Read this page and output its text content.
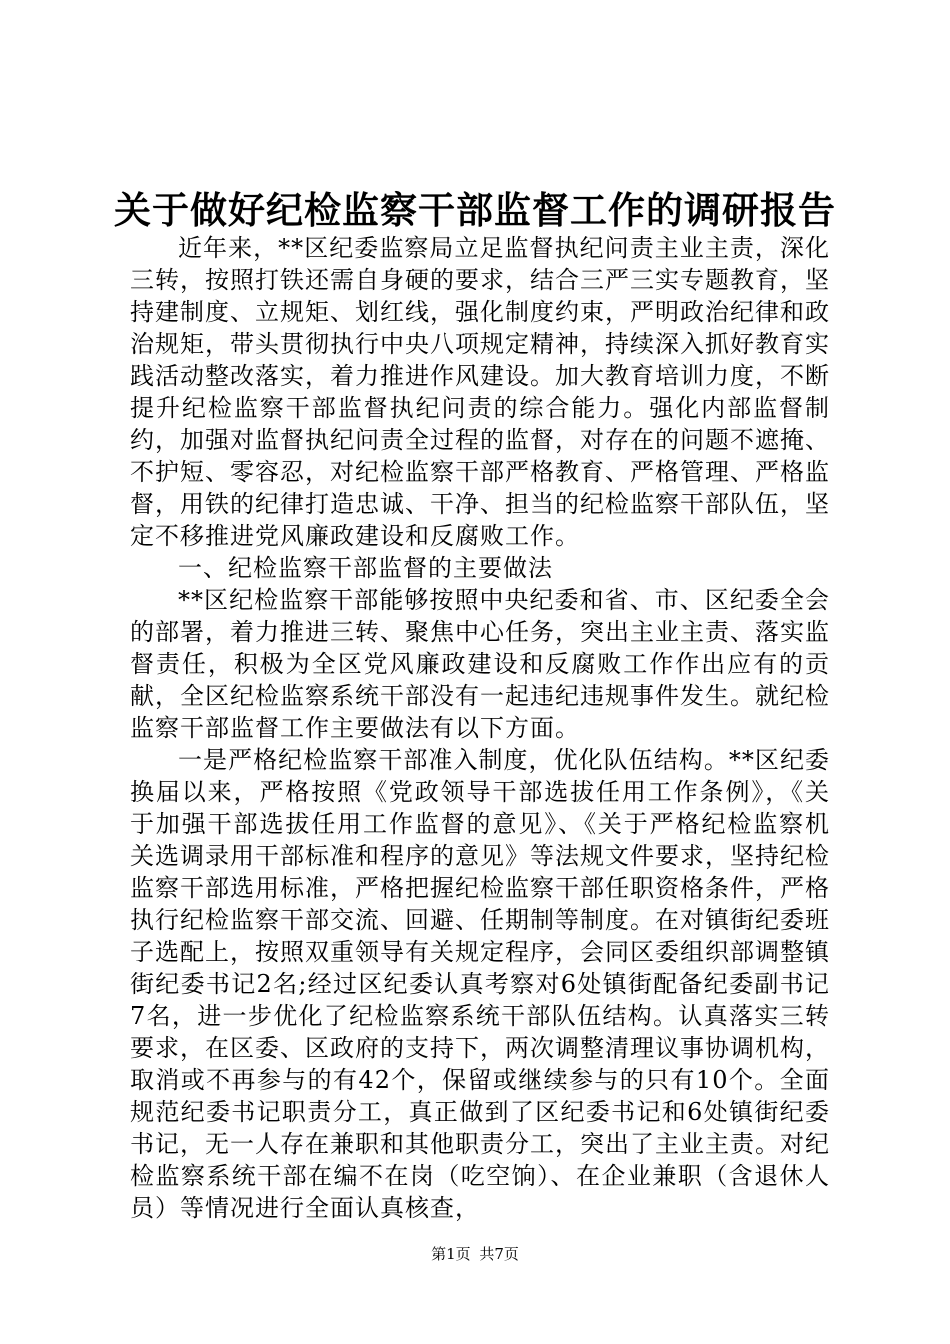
关于做好纪检监察干部监督工作的调研报告

近年来，**区纪委监察局立足监督执纪问责主业主责，深化三转，按照打铁还需自身硬的要求，结合三严三实专题教育，坚持建制度、立规矩、划红线，强化制度约束，严明政治纪律和政治规矩，带头贯彻执行中央八项规定精神，持续深入抓好教育实践活动整改落实，着力推进作风建设。加大教育培训力度，不断提升纪检监察干部监督执纪问责的综合能力。强化内部监督制约，加强对监督执纪问责全过程的监督，对存在的问题不遮掩、不护短、零容忍，对纪检监察干部严格教育、严格管理、严格监督，用铁的纪律打造忠诚、干净、担当的纪检监察干部队伍，坚定不移推进党风廉政建设和反腐败工作。

一、纪检监察干部监督的主要做法

**区纪检监察干部能够按照中央纪委和省、市、区纪委全会的部署，着力推进三转、聚焦中心任务，突出主业主责、落实监督责任，积极为全区党风廉政建设和反腐败工作作出应有的贡献，全区纪检监察系统干部没有一起违纪违规事件发生。就纪检监察干部监督工作主要做法有以下方面。

一是严格纪检监察干部准入制度，优化队伍结构。**区纪委换届以来，严格按照《党政领导干部选拔任用工作条例》，《关于加强干部选拔任用工作监督的意见》、《关于严格纪检监察机关选调录用干部标准和程序的意见》等法规文件要求，坚持纪检监察干部选用标准，严格把握纪检监察干部任职资格条件，严格执行纪检监察干部交流、回避、任期制等制度。在对镇街纪委班子选配上，按照双重领导有关规定程序，会同区委组织部调整镇街纪委书记2名;经过区纪委认真考察对6处镇街配备纪委副书记7名，进一步优化了纪检监察系统干部队伍结构。认真落实三转要求，在区委、区政府的支持下，两次调整清理议事协调机构，取消或不再参与的有42个，保留或继续参与的只有10个。全面规范纪委书记职责分工，真正做到了区纪委书记和6处镇街纪委书记，无一人存在兼职和其他职责分工，突出了主业主责。对纪检监察系统干部在编不在岗（吃空饷）、在企业兼职（含退休人员）等情况进行全面认真核查，

第1页 共7页
